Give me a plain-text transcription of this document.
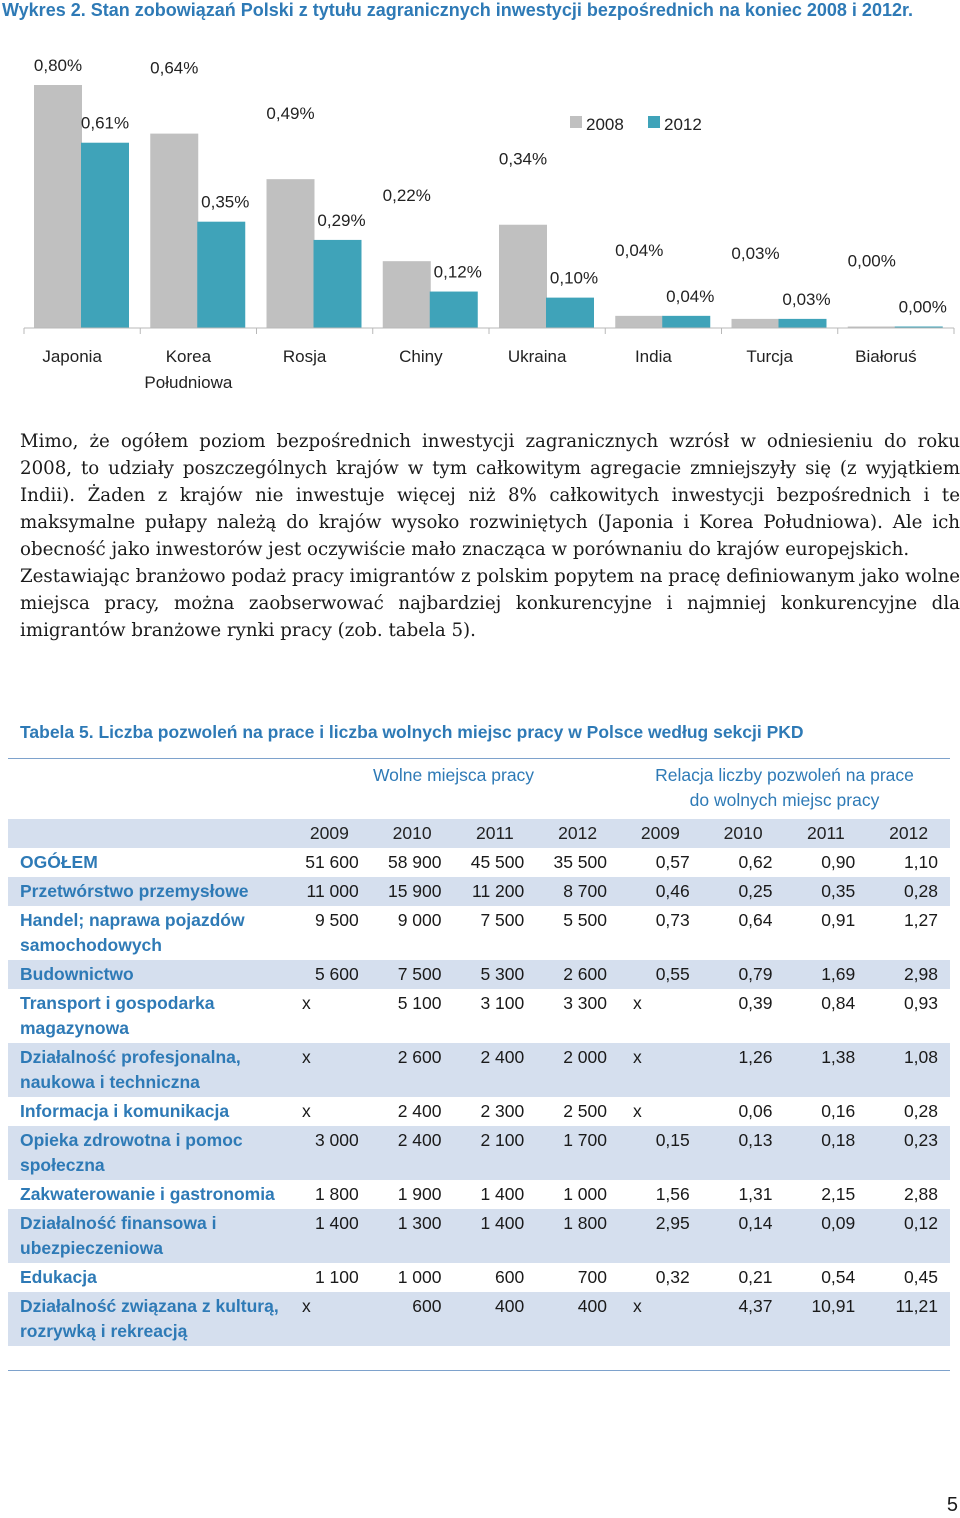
Wykres 2. Stan zobowiązań Polski z tytułu zagranicznych inwestycji bezpośrednich na koniec 2008 i 2012r.
0,80%	0,64%
0,49%
0,22%
0,34%
0,04%	0,03%	0,00%
0,61%
0,35%
0,29%
0,12%	0,10%
0,04%	0,03%	0,00%
Japonia	Korea
Południowa
Rosja	Chiny	Ukraina	India	Turcja	Białoruś
2008 2012

Mimo, że ogółem poziom bezpośrednich inwestycji zagranicznych wzrósł w odniesieniu do roku 2008, to udziały poszczególnych krajów w tym całkowitym agregacie zmniejszyły się (z wyjątkiem Indii). Żaden z krajów nie inwestuje więcej niż 8% całkowitych inwestycji bezpośrednich i te maksymalne pułapy należą do krajów wysoko rozwiniętych (Japonia i Korea Południowa). Ale ich obecność jako inwestorów jest oczywiście mało znacząca w porównaniu do krajów europejskich.

Zestawiając branżowo podaż pracy imigrantów z polskim popytem na pracę definiowanym jako wolne miejsca pracy, można zaobserwować najbardziej konkurencyjne i najmniej konkurencyjne dla imigrantów branżowe rynki pracy (zob. tabela 5).

Tabela 5. Liczba pozwoleń na prace i liczba wolnych miejsc pracy w Polsce według sekcji PKD
	Wolne miejsca pracy				Relacja liczby pozwoleń na prace do wolnych miejsc pracy			

	2009	2010	2011	2012	2009	2010	2011	2012
OGÓŁEM	51 600	58 900	45 500	35 500	0,57	0,62	0,90	1,10
Przetwórstwo przemysłowe	11 000	15 900	11 200	8 700	0,46	0,25	0,35	0,28
Handel; naprawa pojazdów samochodowych	9 500	9 000	7 500	5 500	0,73	0,64	0,91	1,27
Budownictwo	5 600	7 500	5 300	2 600	0,55	0,79	1,69	2,98
Transport i gospodarka magazynowa	x	5 100	3 100	3 300	x	0,39	0,84	0,93
Działalność profesjonalna, naukowa i techniczna	x	2 600	2 400	2 000	x	1,26	1,38	1,08
Informacja i komunikacja	x	2 400	2 300	2 500	x	0,06	0,16	0,28
Opieka zdrowotna i pomoc społeczna	3 000	2 400	2 100	1 700	0,15	0,13	0,18	0,23
Zakwaterowanie i gastronomia	1 800	1 900	1 400	1 000	1,56	1,31	2,15	2,88
Działalność finansowa i ubezpieczeniowa	1 400	1 300	1 400	1 800	2,95	0,14	0,09	0,12
Edukacja	1 100	1 000	600	700	0,32	0,21	0,54	0,45
Działalność związana z kulturą, rozrywką i rekreacją	x	600	400	400	x	4,37	10,91	11,21
5
